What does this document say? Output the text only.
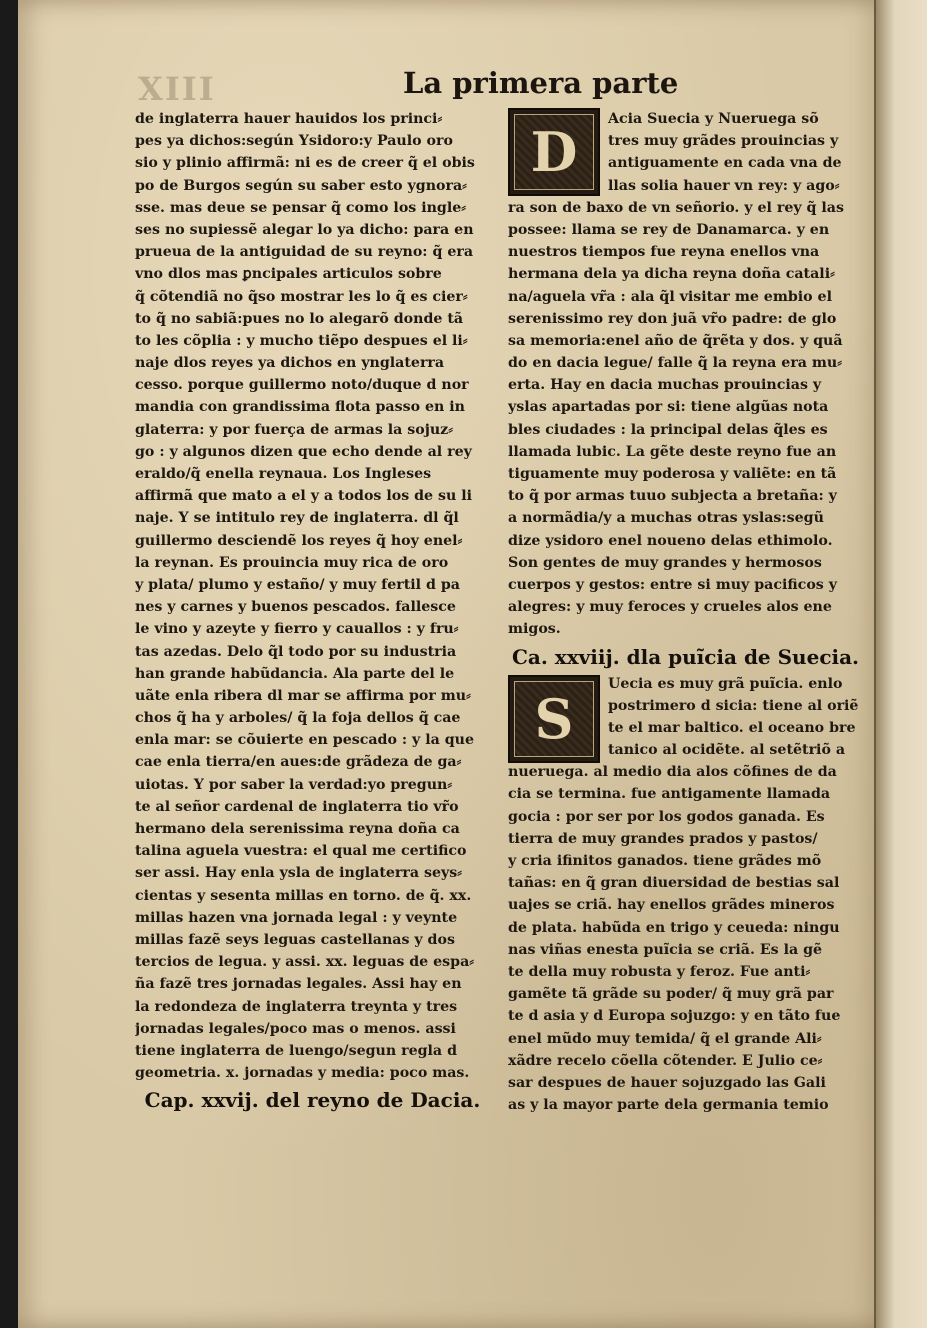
XIII	La primera parte
de inglaterra hauer hauidos los princi⸗
pes ya dichos:según Ysidoro:y Paulo oro
sio y plinio affirmã: ni es de creer q̃ el obis
po de Burgos según su saber esto ygnora⸗
sse. mas deue se pensar q̃ como los ingle⸗
ses no supiessẽ alegar lo ya dicho: para en
prueua de la antiguidad de su reyno: q̃ era
vno dlos mas ꝑncipales articulos sobre
q̃ cõtendiã no q̃so mostrar les lo q̃ es cier⸗
to q̃ no sabiã:pues no lo alegarõ donde tã
to les cõplia : y mucho tiẽpo despues el li⸗
naje dlos reyes ya dichos en ynglaterra
cesso. porque guillermo noto/duque d nor
mandia con grandissima flota passo en in
glaterra: y por fuerça de armas la sojuz⸗
go : y algunos dizen que echo dende al rey
eraldo/q̃ enella reynaua. Los Ingleses
affirmã que mato a el y a todos los de su li
naje. Y se intitulo rey de inglaterra. dl q̃l
guillermo desciendẽ los reyes q̃ hoy enel⸗
la reynan. Es prouincia muy rica de oro
y plata/ plumo y estaño/ y muy fertil d pa
nes y carnes y buenos pescados. fallesce
le vino y azeyte y fierro y cauallos : y fru⸗
tas azedas. Delo q̃l todo por su industria
han grande habũdancia. Ala parte del le
uãte enla ribera dl mar se affirma por mu⸗
chos q̃ ha y arboles/ q̃ la foja dellos q̃ cae
enla mar: se cõuierte en pescado : y la que
cae enla tierra/en aues:de grãdeza de ga⸗
uiotas. Y por saber la verdad:yo pregun⸗
te al señor cardenal de inglaterra tio vr̃o
hermano dela serenissima reyna doña ca
talina aguela vuestra: el qual me certifico
ser assi. Hay enla ysla de inglaterra seys⸗
cientas y sesenta millas en torno. de q̃. xx.
millas hazen vna jornada legal : y veynte
millas fazẽ seys leguas castellanas y dos
tercios de legua. y assi. xx. leguas de espa⸗
ña fazẽ tres jornadas legales. Assi hay en
la redondeza de inglaterra treynta y tres
jornadas legales/poco mas o menos. assi
tiene inglaterra de luengo/segun regla d
geometria. x. jornadas y media: poco mas.
Cap. xxvij. del reyno de Dacia.
D
S
Acia Suecia y Nueruega sõ
tres muy grãdes prouincias y
antiguamente en cada vna de
llas solia hauer vn rey: y ago⸗
ra son de baxo de vn señorio. y el rey q̃ las
possee: llama se rey de Danamarca. y en
nuestros tiempos fue reyna enellos vna
hermana dela ya dicha reyna doña catali⸗
na/aguela vr̃a : ala q̃l visitar me embio el
serenissimo rey don juã vr̃o padre: de glo
sa memoria:enel año de q̃rẽta y dos. y quã
do en dacia legue/ falle q̃ la reyna era mu⸗
erta. Hay en dacia muchas prouincias y
yslas apartadas por si: tiene algũas nota
bles ciudades : la principal delas q̃les es
llamada lubic. La gẽte deste reyno fue an
tiguamente muy poderosa y valiẽte: en tã
to q̃ por armas tuuo subjecta a bretaña: y
a normãdia/y a muchas otras yslas:segũ
dize ysidoro enel noueno delas ethimolo.
Son gentes de muy grandes y hermosos
cuerpos y gestos: entre si muy pacificos y
alegres: y muy feroces y crueles alos ene
migos.
Ca. xxviij. dla puĩcia de Suecia.
Uecia es muy grã puĩcia. enlo
postrimero d sicia: tiene al oriẽ
te el mar baltico. el oceano bre
tanico al ocidẽte. al setẽtriõ a
nueruega. al medio dia alos cõfines de da
cia se termina. fue antigamente llamada
gocia : por ser por los godos ganada. Es
tierra de muy grandes prados y pastos/
y cria ifinitos ganados. tiene grãdes mõ
tañas: en q̃ gran diuersidad de bestias sal
uajes se criã. hay enellos grãdes mineros
de plata. habũda en trigo y ceueda: ningu
nas viñas enesta puĩcia se criã. Es la gẽ
te della muy robusta y feroz. Fue anti⸗
gamẽte tã grãde su poder/ q̃ muy grã par
te d asia y d Europa sojuzgo: y en tãto fue
enel mũdo muy temida/ q̃ el grande Ali⸗
xãdre recelo cõella cõtender. E Julio ce⸗
sar despues de hauer sojuzgado las Gali
as y la mayor parte dela germania temio
